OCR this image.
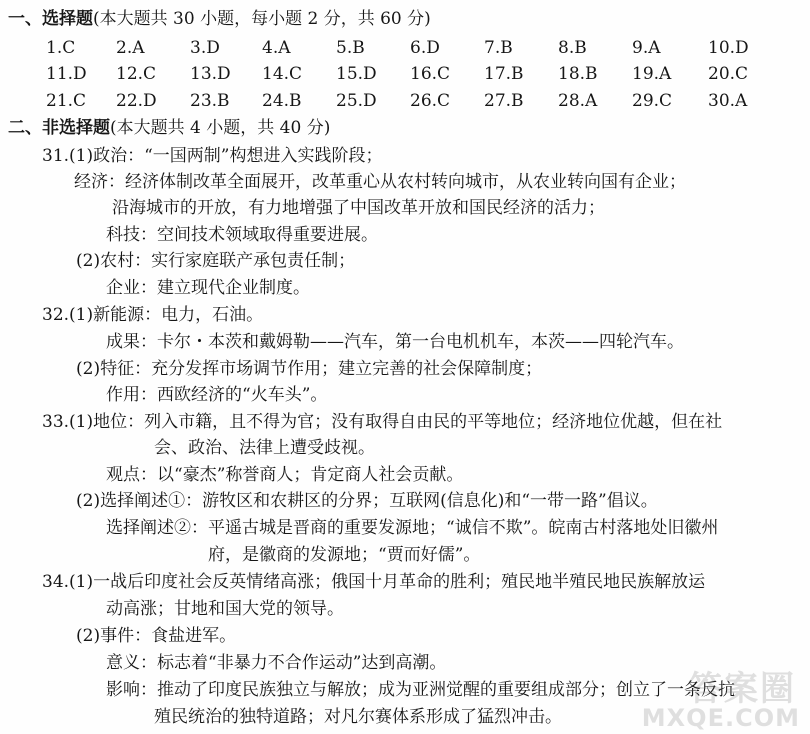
一、选择题(本大题共 30 小题，每小题 2 分，共 60 分)
1.C 2.A	3.D 4.A	5.B	6.D	7.B	8.B	9.A	10.D
11.D 12.C 13.D 14.C 15.D 16.C 17.B 18.B 19.A 20.C
21.C 22.D 23.B 24.B 25.D 26.C 27.B 28.A 29.C 30.A
二、非选择题(本大题共 4 小题，共 40 分)
31.(1)政治：“一国两制”构想进入实践阶段；
经济：经济体制改革全面展开，改革重心从农村转向城市，从农业转向国有企业；
沿海城市的开放，有力地增强了中国改革开放和国民经济的活力；
科技：空间技术领域取得重要进展。
(2)农村：实行家庭联产承包责任制；
企业：建立现代企业制度。
32.(1)新能源：电力，石油。
成果：卡尔・本茨和戴姆勒——汽车，第一台电机机车，本茨——四轮汽车。
(2)特征：充分发挥市场调节作用；建立完善的社会保障制度；
作用：西欧经济的“火车头”。
33.(1)地位：列入市籍，且不得为官；没有取得自由民的平等地位；经济地位优越，但在社
会、政治、法律上遭受歧视。
观点：以“豪杰”称誉商人；肯定商人社会贡献。
(2)选择阐述①：游牧区和农耕区的分界；互联网(信息化)和“一带一路”倡议。
选择阐述②：平遥古城是晋商的重要发源地；“诚信不欺”。皖南古村落地处旧徽州
府，是徽商的发源地；“贾而好儒”。
34.(1)一战后印度社会反英情绪高涨；俄国十月革命的胜利；殖民地半殖民地民族解放运
动高涨；甘地和国大党的领导。
(2)事件：食盐进军。
意义：标志着“非暴力不合作运动”达到高潮。
影响：推动了印度民族独立与解放；成为亚洲觉醒的重要组成部分；创立了一条反抗
殖民统治的独特道路；对凡尔赛体系形成了猛烈冲击。
答案圈
MXQE.COM
